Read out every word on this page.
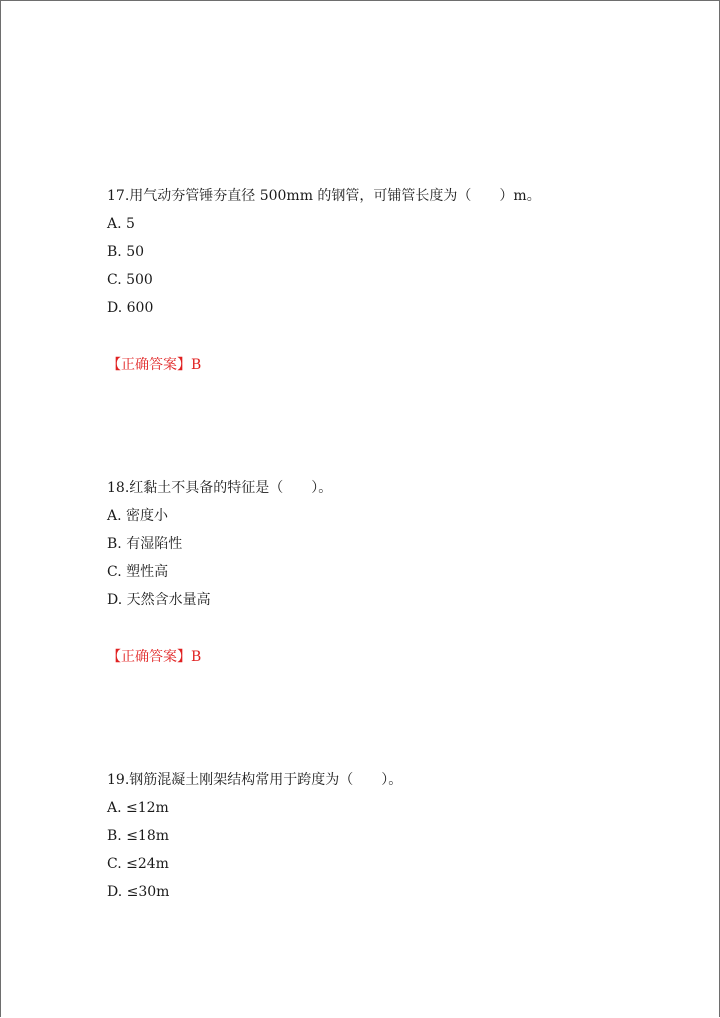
17.用气动夯管锤夯直径 500mm 的钢管，可铺管长度为（　　）m。
A. 5
B. 50
C. 500
D. 600
【正确答案】B
18.红黏土不具备的特征是（　　）。
A. 密度小
B. 有湿陷性
C. 塑性高
D. 天然含水量高
【正确答案】B
19.钢筋混凝土刚架结构常用于跨度为（　　）。
A. ≤12m
B. ≤18m
C. ≤24m
D. ≤30m
